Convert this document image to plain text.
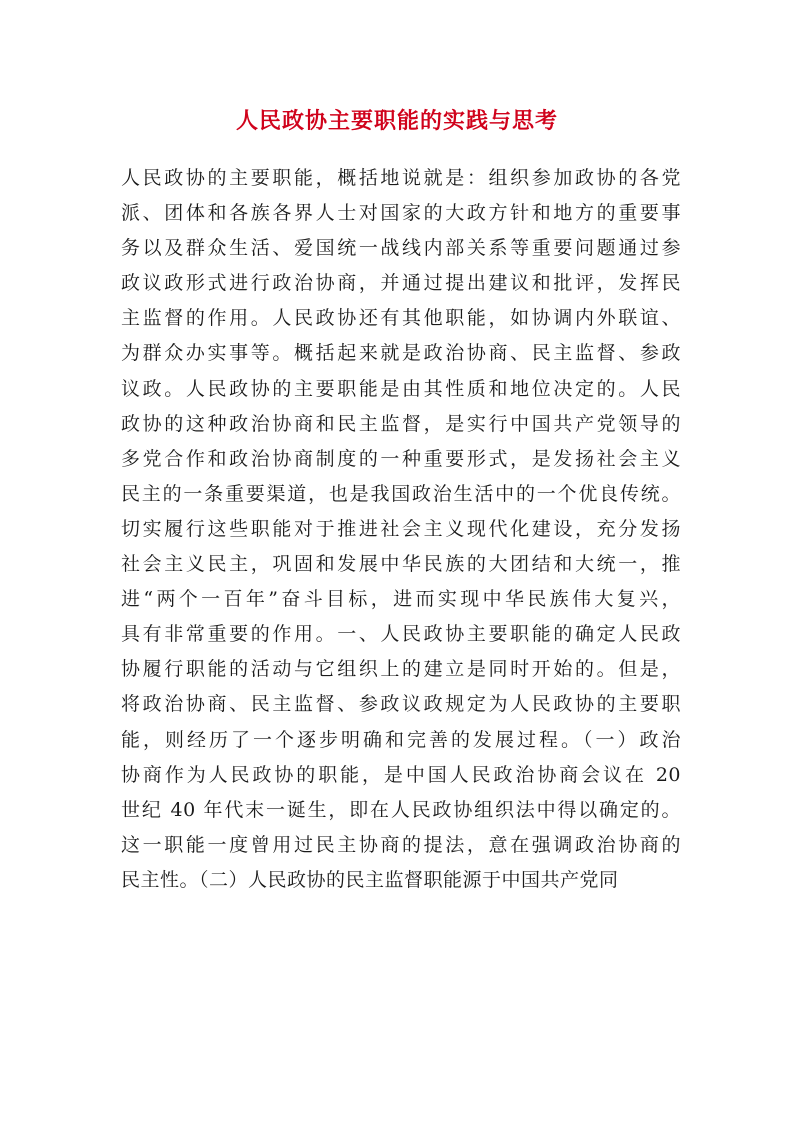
人民政协主要职能的实践与思考
人民政协的主要职能，概括地说就是：组织参加政协的各党
派、团体和各族各界人士对国家的大政方针和地方的重要事
务以及群众生活、爱国统一战线内部关系等重要问题通过参
政议政形式进行政治协商，并通过提出建议和批评，发挥民
主监督的作用。人民政协还有其他职能，如协调内外联谊、
为群众办实事等。概括起来就是政治协商、民主监督、参政
议政。人民政协的主要职能是由其性质和地位决定的。人民
政协的这种政治协商和民主监督，是实行中国共产党领导的
多党合作和政治协商制度的一种重要形式，是发扬社会主义
民主的一条重要渠道，也是我国政治生活中的一个优良传统。
切实履行这些职能对于推进社会主义现代化建设，充分发扬
社会主义民主，巩固和发展中华民族的大团结和大统一，推
进“两个一百年”奋斗目标，进而实现中华民族伟大复兴，
具有非常重要的作用。一、人民政协主要职能的确定人民政
协履行职能的活动与它组织上的建立是同时开始的。但是，
将政治协商、民主监督、参政议政规定为人民政协的主要职
能，则经历了一个逐步明确和完善的发展过程。（一）政治
协商作为人民政协的职能，是中国人民政治协商会议在 20
世纪 40 年代末一诞生，即在人民政协组织法中得以确定的。
这一职能一度曾用过民主协商的提法，意在强调政治协商的
民主性。（二）人民政协的民主监督职能源于中国共产党同
